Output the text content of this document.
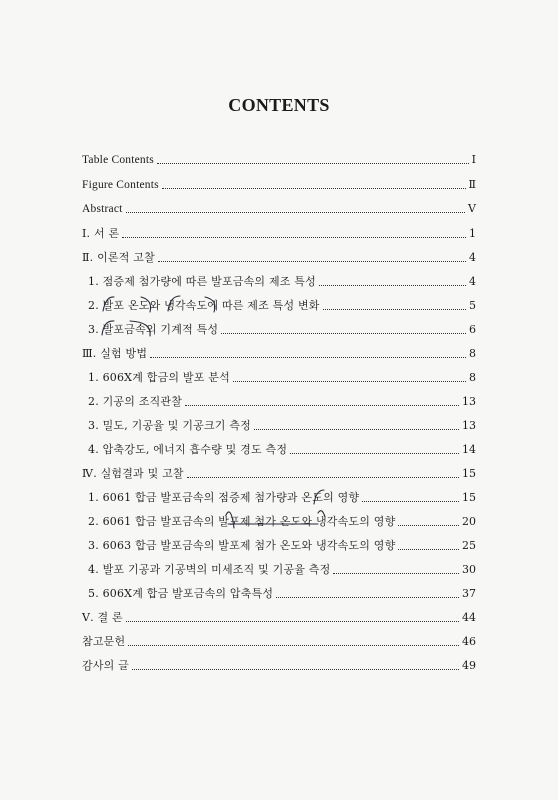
CONTENTS
Table Contents	Ⅰ
Figure Contents	Ⅱ
Abstract	Ⅴ
Ⅰ. 서 론	1
Ⅱ. 이론적 고찰	4
1. 점증제 첨가량에 따른 발포금속의 제조 특성	4
2. 발포 온도와 냉각속도에 따른 제조 특성 변화	5
3. 발포금속의 기계적 특성	6
Ⅲ. 실험 방법	8
1. 606X계 합금의 발포 분석	8
2. 기공의 조직관찰	13
3. 밀도, 기공율 및 기공크기 측정	13
4. 압축강도, 에너지 흡수량 및 경도 측정	14
Ⅳ. 실험결과 및 고찰	15
1. 6061 합금 발포금속의 점증제 첨가량과 온도의 영향	15
2. 6061 합금 발포금속의 발포제 첨가 온도와 냉각속도의 영향	20
3. 6063 합금 발포금속의 발포제 첨가 온도와 냉각속도의 영향	25
4. 발포 기공과 기공벽의 미세조직 및 기공율 측정	30
5. 606X계 합금 발포금속의 압축특성	37
Ⅴ. 결 론	44
참고문헌	46
감사의 글	49
